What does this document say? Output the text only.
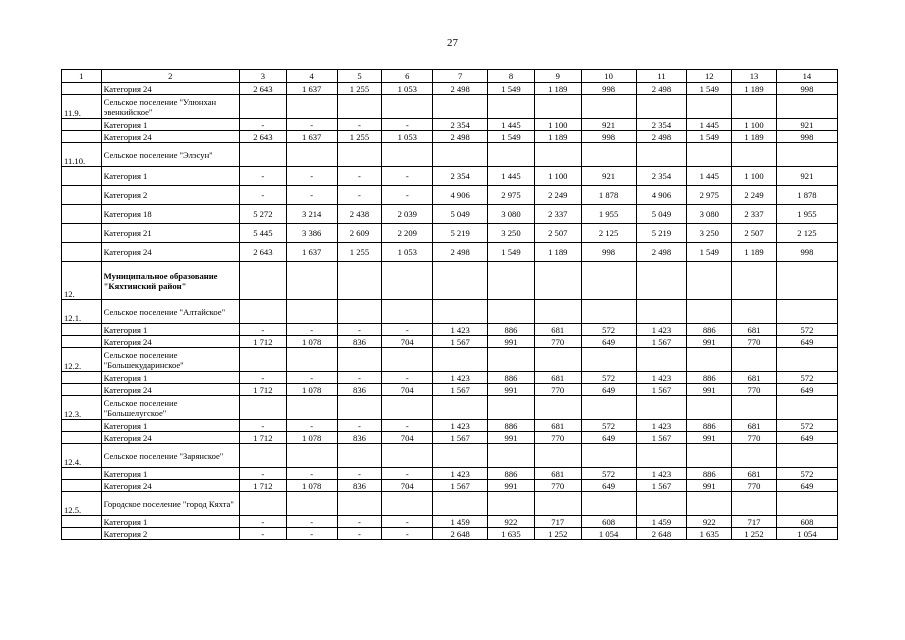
27
1	2	3	4	5	6	7	8	9	10	11	12	13	14
	Категория 24	2 643	1 637	1 255	1 053	2 498	1 549	1 189	998	2 498	1 549	1 189	998
11.9.	Сельское поселение "Улюнхан эвенкийское"												
	Категория 1	-	-	-	-	2 354	1 445	1 100	921	2 354	1 445	1 100	921
	Категория 24	2 643	1 637	1 255	1 053	2 498	1 549	1 189	998	2 498	1 549	1 189	998
11.10.	Сельское поселение "Элэсун"												
	Категория 1	-	-	-	-	2 354	1 445	1 100	921	2 354	1 445	1 100	921
	Категория 2	-	-	-	-	4 906	2 975	2 249	1 878	4 906	2 975	2 249	1 878
	Категория 18	5 272	3 214	2 438	2 039	5 049	3 080	2 337	1 955	5 049	3 080	2 337	1 955
	Категория 21	5 445	3 386	2 609	2 209	5 219	3 250	2 507	2 125	5 219	3 250	2 507	2 125
	Категория 24	2 643	1 637	1 255	1 053	2 498	1 549	1 189	998	2 498	1 549	1 189	998
12.	Муниципальное образование "Кяхтинский район"												
12.1.	Сельское поселение "Алтайское"												
	Категория 1	-	-	-	-	1 423	886	681	572	1 423	886	681	572
	Категория 24	1 712	1 078	836	704	1 567	991	770	649	1 567	991	770	649
12.2.	Сельское поселение "Большекударинское"												
	Категория 1	-	-	-	-	1 423	886	681	572	1 423	886	681	572
	Категория 24	1 712	1 078	836	704	1 567	991	770	649	1 567	991	770	649
12.3.	Сельское поселение "Большелугское"												
	Категория 1	-	-	-	-	1 423	886	681	572	1 423	886	681	572
	Категория 24	1 712	1 078	836	704	1 567	991	770	649	1 567	991	770	649
12.4.	Сельское поселение "Зарянское"												
	Категория 1	-	-	-	-	1 423	886	681	572	1 423	886	681	572
	Категория 24	1 712	1 078	836	704	1 567	991	770	649	1 567	991	770	649
12.5.	Городское поселение "город Кяхта"												
	Категория 1	-	-	-	-	1 459	922	717	608	1 459	922	717	608
	Категория 2	-	-	-	-	2 648	1 635	1 252	1 054	2 648	1 635	1 252	1 054
